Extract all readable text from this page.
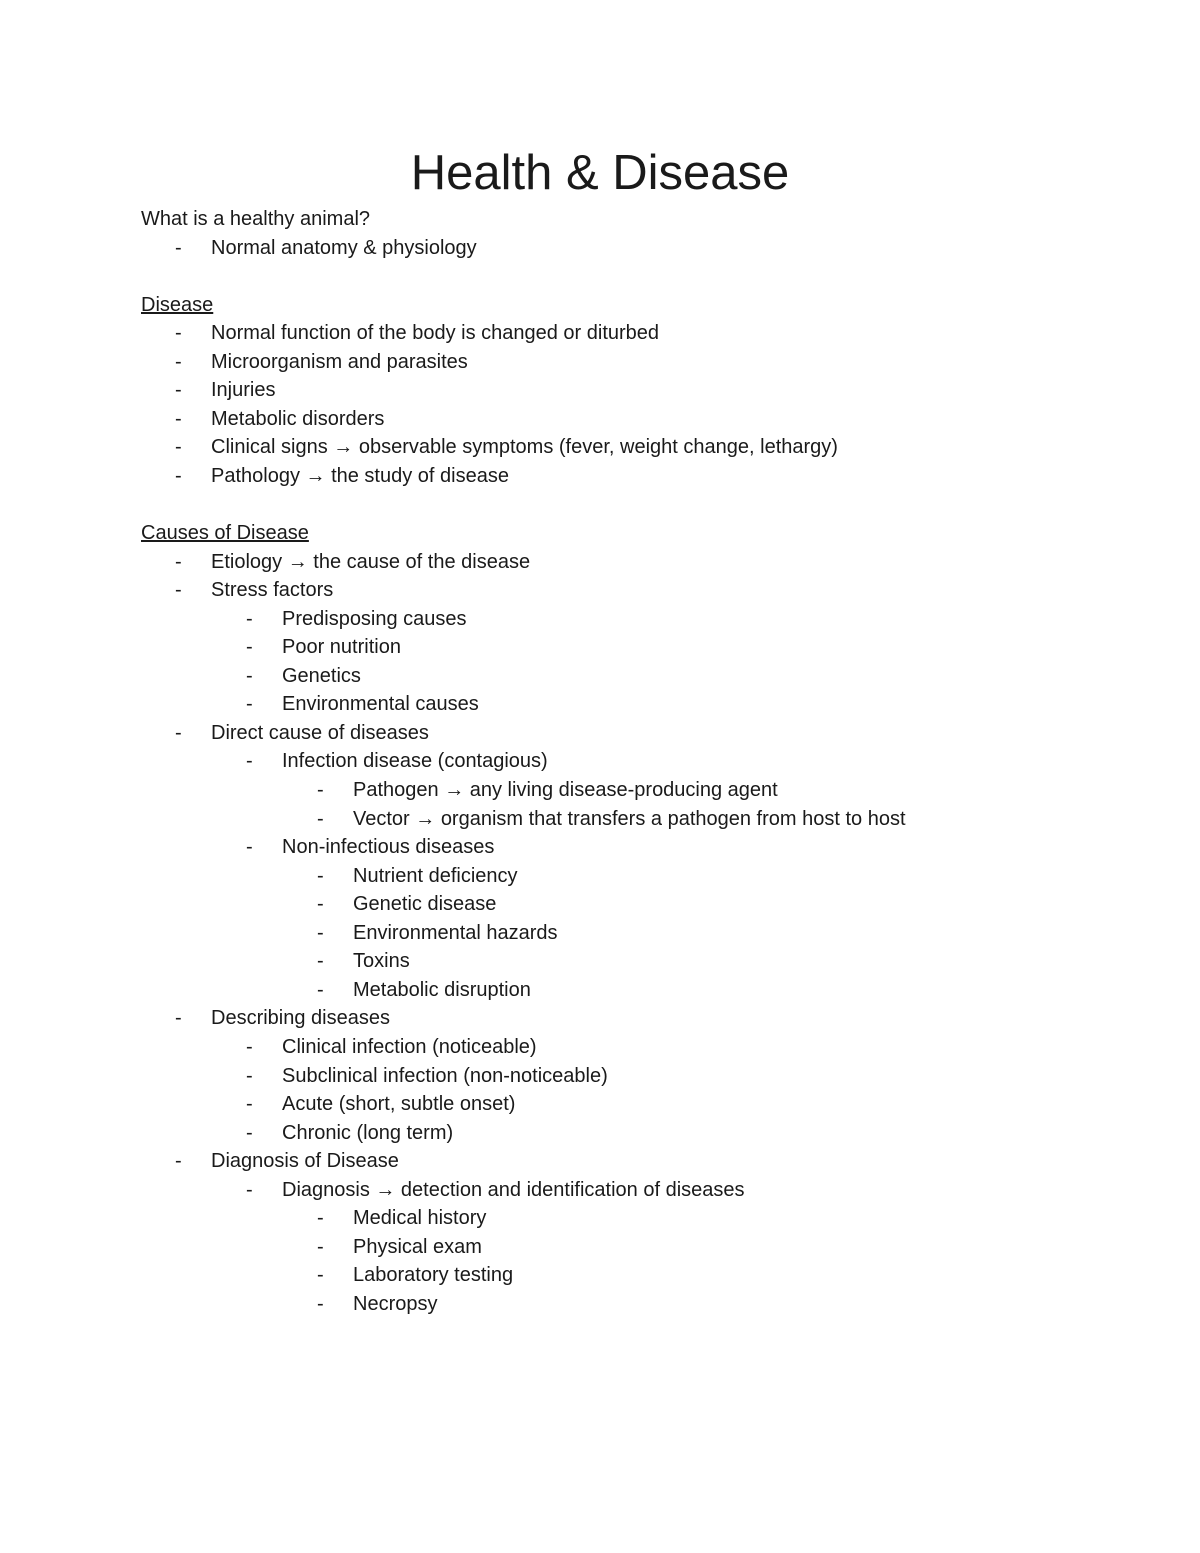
Health & Disease
What is a healthy animal?
- Normal anatomy & physiology
Disease
- Normal function of the body is changed or diturbed
- Microorganism and parasites
- Injuries
- Metabolic disorders
- Clinical signs → observable symptoms (fever, weight change, lethargy)
- Pathology → the study of disease
Causes of Disease
- Etiology → the cause of the disease
- Stress factors
- Predisposing causes
- Poor nutrition
- Genetics
- Environmental causes
- Direct cause of diseases
- Infection disease (contagious)
- Pathogen → any living disease-producing agent
- Vector → organism that transfers a pathogen from host to host
- Non-infectious diseases
- Nutrient deficiency
- Genetic disease
- Environmental hazards
- Toxins
- Metabolic disruption
- Describing diseases
- Clinical infection (noticeable)
- Subclinical infection (non-noticeable)
- Acute (short, subtle onset)
- Chronic (long term)
- Diagnosis of Disease
- Diagnosis → detection and identification of diseases
- Medical history
- Physical exam
- Laboratory testing
- Necropsy
